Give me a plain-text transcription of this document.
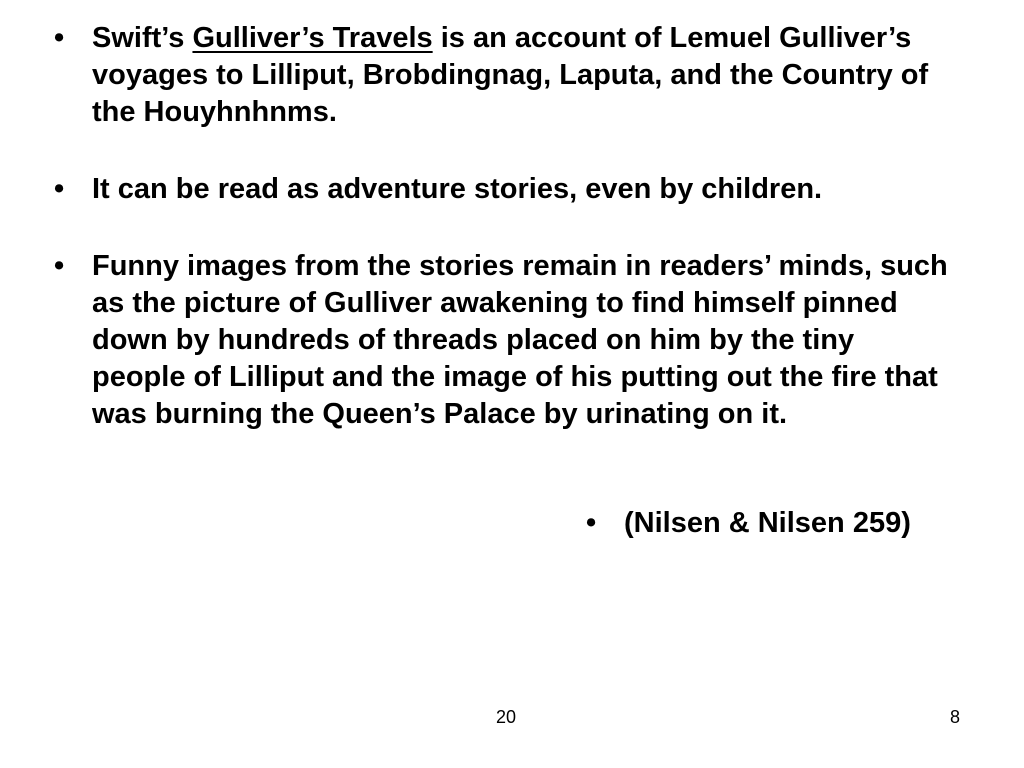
• Swift’s Gulliver’s Travels is an account of Lemuel Gulliver’s voyages to Lilliput, Brobdingnag, Laputa, and the Country of the Houyhnhnms.
• It can be read as adventure stories, even by children.
• Funny images from the stories remain in readers’ minds, such as the picture of Gulliver awakening to find himself pinned down by hundreds of threads placed on him by the tiny people of Lilliput and the image of his putting out the fire that was burning the Queen’s Palace by urinating on it.
• (Nilsen & Nilsen 259)
20	8
